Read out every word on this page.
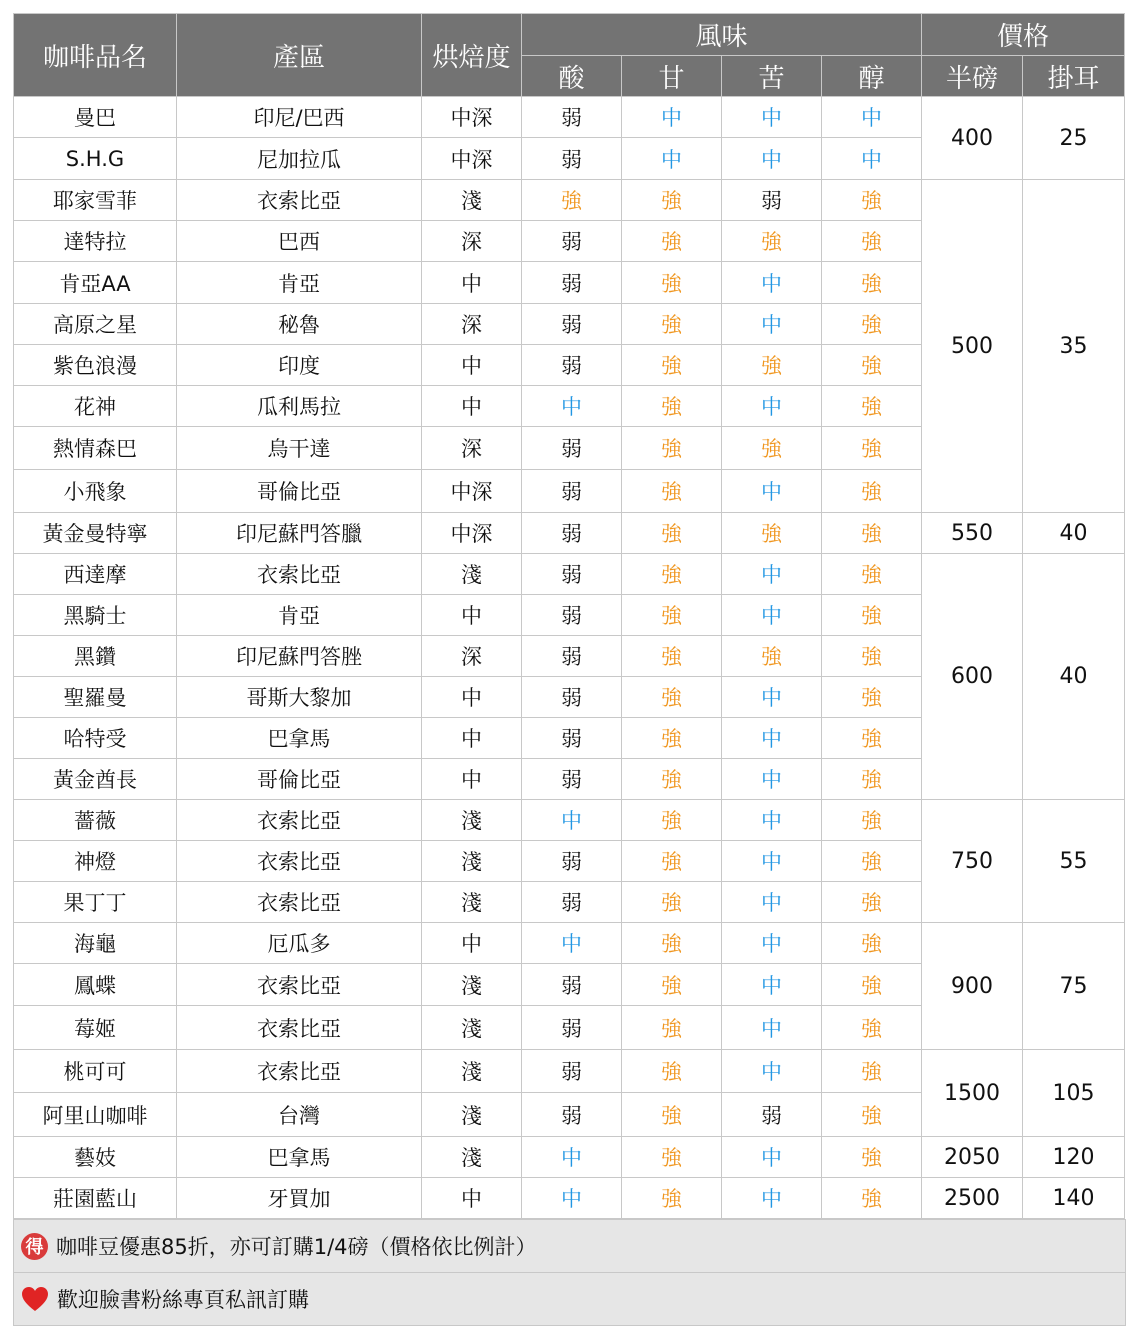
咖啡品名	產區	烘焙度	風味				價格	
			酸	甘	苦	醇	半磅	掛耳
曼巴	印尼/巴西	中深	弱	中	中	中	400	25
S.H.G	尼加拉瓜	中深	弱	中	中	中		
耶家雪菲	衣索比亞	淺	強	強	弱	強	500	35
達特拉	巴西	深	弱	強	強	強		
肯亞AA	肯亞	中	弱	強	中	強		
高原之星	秘魯	深	弱	強	中	強		
紫色浪漫	印度	中	弱	強	強	強		
花神	瓜利馬拉	中	中	強	中	強		
熱情森巴	烏干達	深	弱	強	強	強		
小飛象	哥倫比亞	中深	弱	強	中	強		
黃金曼特寧	印尼蘇門答臘	中深	弱	強	強	強	550	40
西達摩	衣索比亞	淺	弱	強	中	強	600	40
黑騎士	肯亞	中	弱	強	中	強		
黑鑽	印尼蘇門答脞	深	弱	強	強	強		
聖羅曼	哥斯大黎加	中	弱	強	中	強		
哈特受	巴拿馬	中	弱	強	中	強		
黃金酋長	哥倫比亞	中	弱	強	中	強		
薔薇	衣索比亞	淺	中	強	中	強	750	55
神燈	衣索比亞	淺	弱	強	中	強		
果丁丁	衣索比亞	淺	弱	強	中	強		
海龜	厄瓜多	中	中	強	中	強	900	75
鳳蝶	衣索比亞	淺	弱	強	中	強		
莓姬	衣索比亞	淺	弱	強	中	強		
桃可可	衣索比亞	淺	弱	強	中	強	1500	105
阿里山咖啡	台灣	淺	弱	強	弱	強		
藝妓	巴拿馬	淺	中	強	中	強	2050	120
莊園藍山	牙買加	中	中	強	中	強	2500	140
得 咖啡豆優惠85折，亦可訂購1/4磅（價格依比例計）
歡迎臉書粉絲專頁私訊訂購
